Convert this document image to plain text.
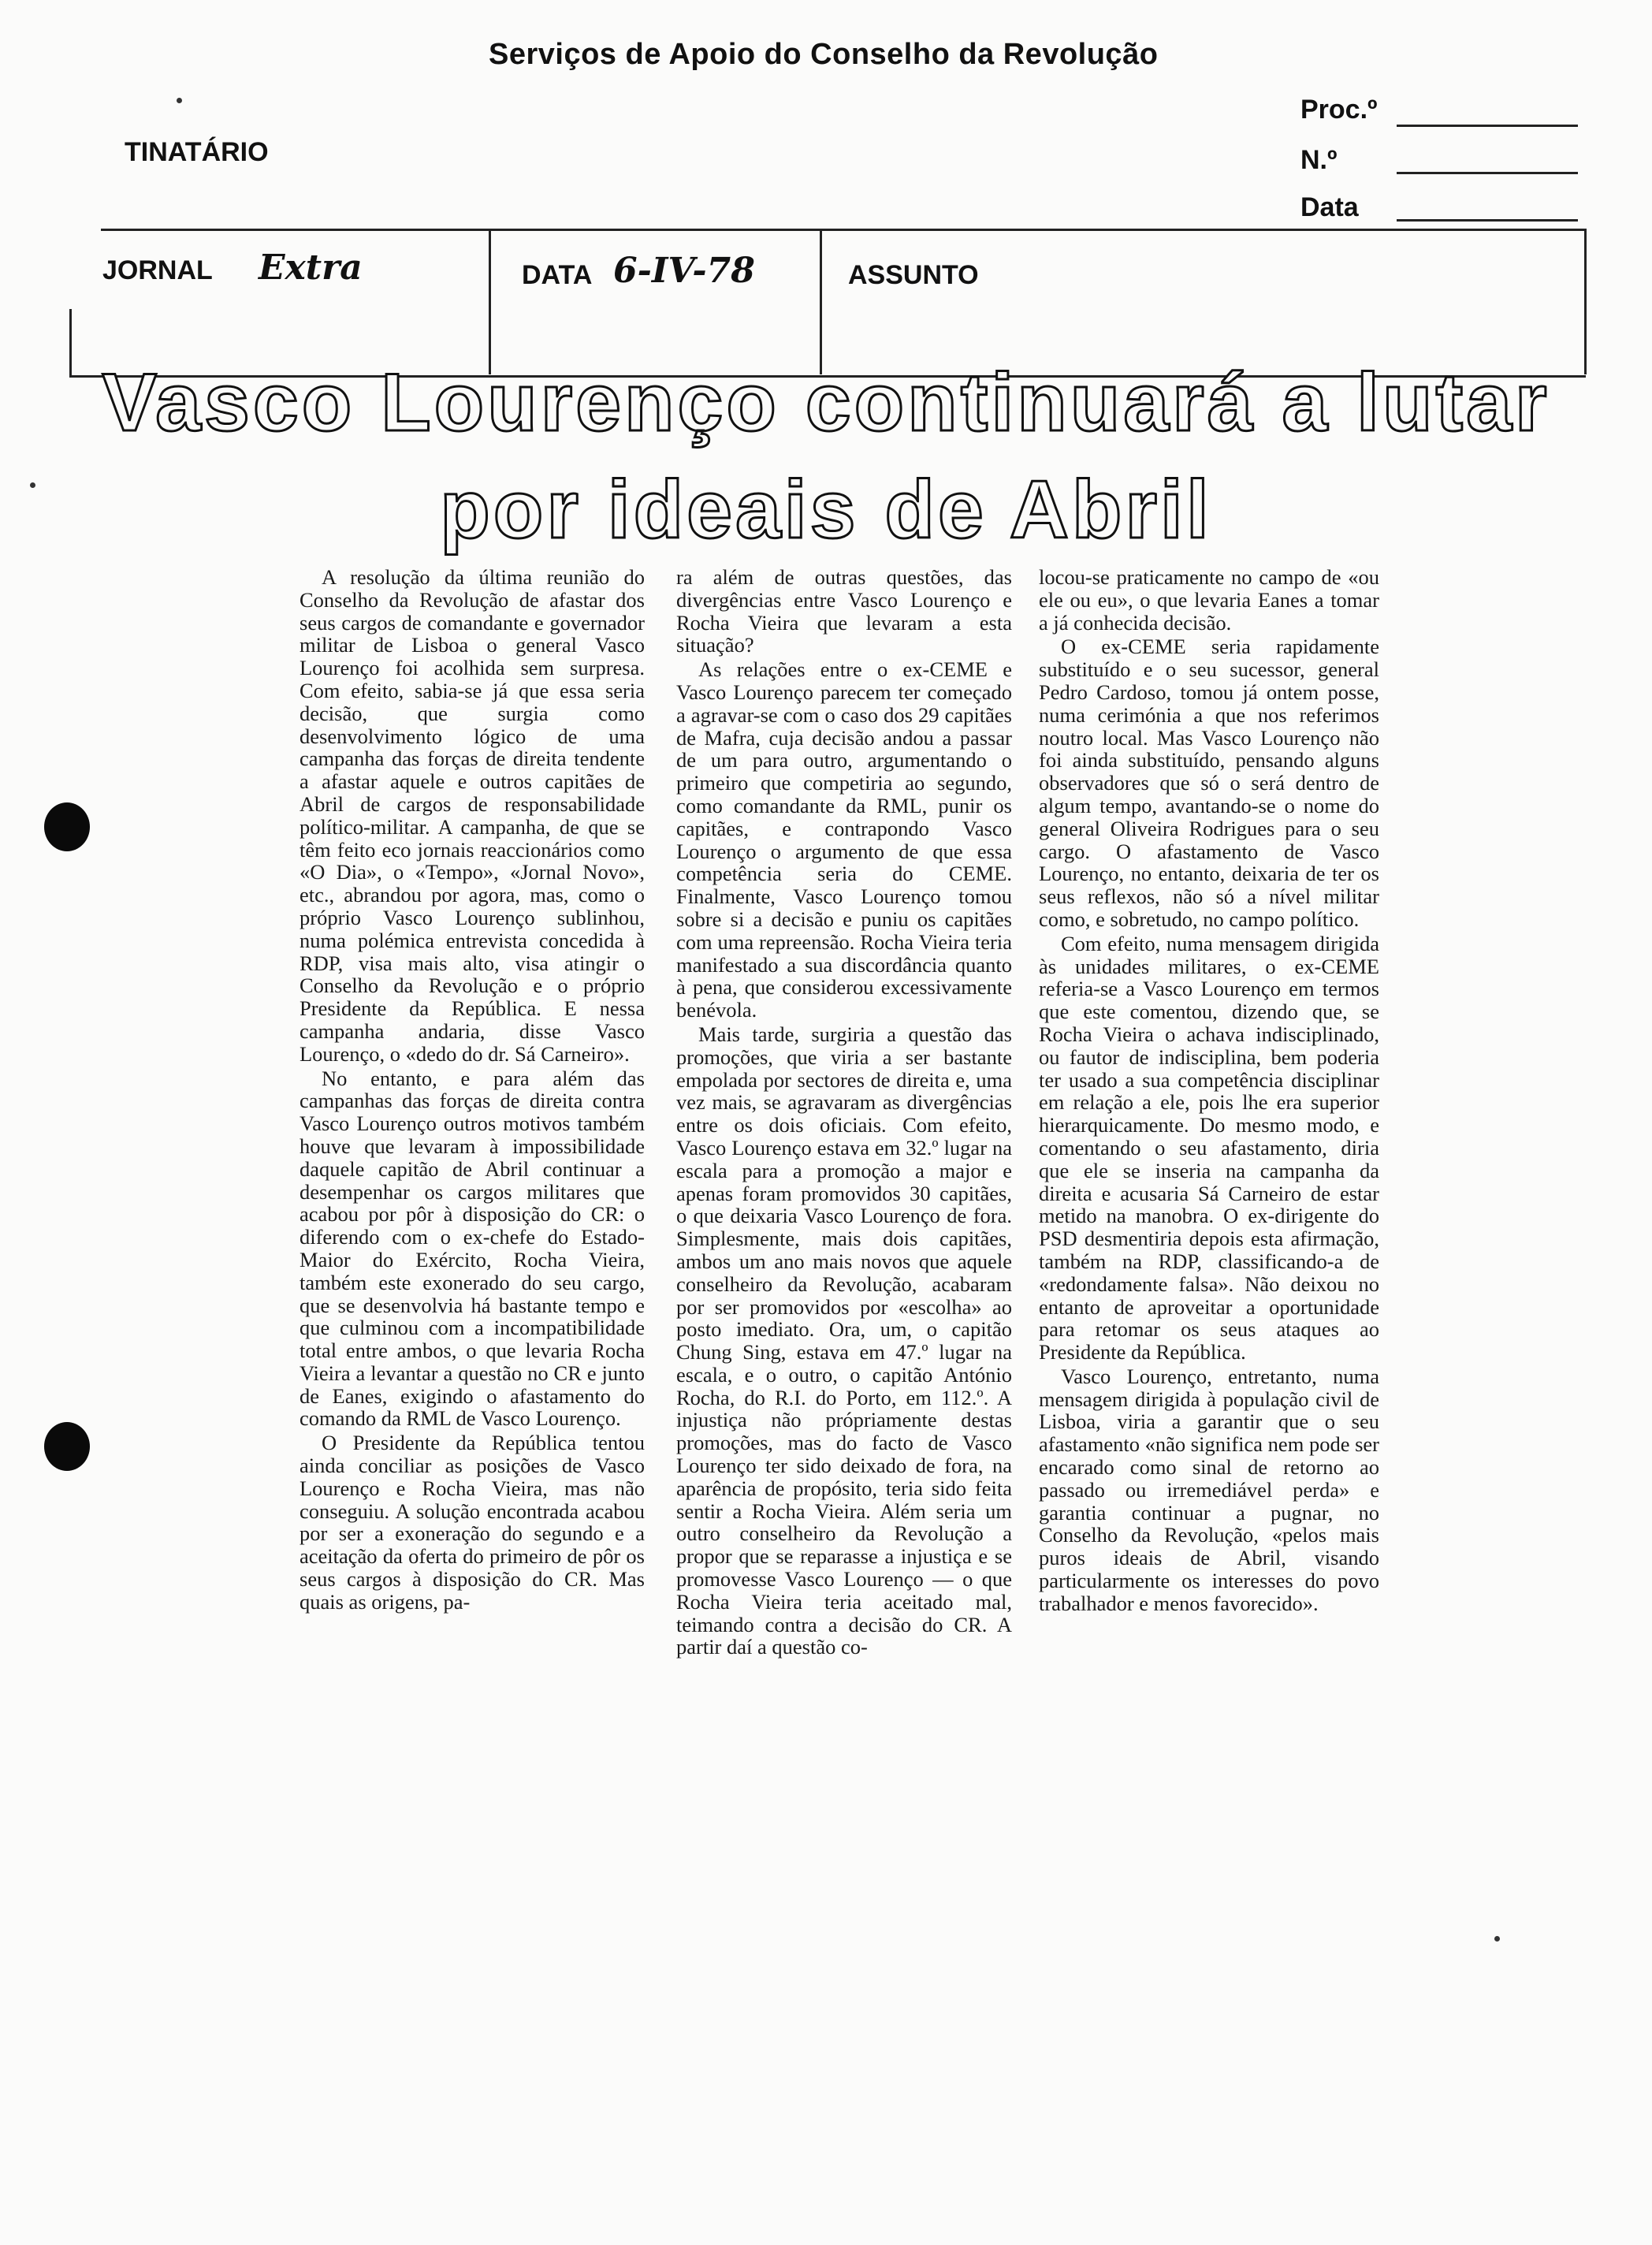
Serviços de Apoio do Conselho da Revolução
TINATÁRIO
Proc.º
N.º
Data
JORNAL Extra	DATA 6-IV-78	ASSUNTO
Vasco Lourenço continuará a lutar
por ideais de Abril

A resolução da última reunião do Conselho da Revolução de afastar dos seus cargos de comandante e governador militar de Lisboa o general Vasco Lourenço foi acolhida sem surpresa. Com efeito, sabia-se já que essa seria decisão, que surgia como desenvolvimento lógico de uma campanha das forças de direita tendente a afastar aquele e outros capitães de Abril de cargos de responsabilidade político-militar. A campanha, de que se têm feito eco jornais reaccionários como «O Dia», o «Tempo», «Jornal Novo», etc., abrandou por agora, mas, como o próprio Vasco Lourenço sublinhou, numa polémica entrevista concedida à RDP, visa mais alto, visa atingir o Conselho da Revolução e o próprio Presidente da República. E nessa campanha andaria, disse Vasco Lourenço, o «dedo do dr. Sá Carneiro».

No entanto, e para além das campanhas das forças de direita contra Vasco Lourenço outros motivos também houve que levaram à impossibilidade daquele capitão de Abril continuar a desempenhar os cargos militares que acabou por pôr à disposição do CR: o diferendo com o ex-chefe do Estado-Maior do Exército, Rocha Vieira, também este exonerado do seu cargo, que se desenvolvia há bastante tempo e que culminou com a incompatibilidade total entre ambos, o que levaria Rocha Vieira a levantar a questão no CR e junto de Eanes, exigindo o afastamento do comando da RML de Vasco Lourenço.

O Presidente da República tentou ainda conciliar as posições de Vasco Lourenço e Rocha Vieira, mas não conseguiu. A solução encontrada acabou por ser a exoneração do segundo e a aceitação da oferta do primeiro de pôr os seus cargos à disposição do CR. Mas quais as origens, pa-

ra além de outras questões, das divergências entre Vasco Lourenço e Rocha Vieira que levaram a esta situação?

As relações entre o ex-CEME e Vasco Lourenço parecem ter começado a agravar-se com o caso dos 29 capitães de Mafra, cuja decisão andou a passar de um para outro, argumentando o primeiro que competiria ao segundo, como comandante da RML, punir os capitães, e contrapondo Vasco Lourenço o argumento de que essa competência seria do CEME. Finalmente, Vasco Lourenço tomou sobre si a decisão e puniu os capitães com uma repreensão. Rocha Vieira teria manifestado a sua discordância quanto à pena, que considerou excessivamente benévola.

Mais tarde, surgiria a questão das promoções, que viria a ser bastante empolada por sectores de direita e, uma vez mais, se agravaram as divergências entre os dois oficiais. Com efeito, Vasco Lourenço estava em 32.º lugar na escala para a promoção a major e apenas foram promovidos 30 capitães, o que deixaria Vasco Lourenço de fora. Simplesmente, mais dois capitães, ambos um ano mais novos que aquele conselheiro da Revolução, acabaram por ser promovidos por «escolha» ao posto imediato. Ora, um, o capitão Chung Sing, estava em 47.º lugar na escala, e o outro, o capitão António Rocha, do R.I. do Porto, em 112.º. A injustiça não própriamente destas promoções, mas do facto de Vasco Lourenço ter sido deixado de fora, na aparência de propósito, teria sido feita sentir a Rocha Vieira. Além seria um outro conselheiro da Revolução a propor que se reparasse a injustiça e se promovesse Vasco Lourenço — o que Rocha Vieira teria aceitado mal, teimando contra a decisão do CR. A partir daí a questão co-

locou-se praticamente no campo de «ou ele ou eu», o que levaria Eanes a tomar a já conhecida decisão.

O ex-CEME seria rapidamente substituído e o seu sucessor, general Pedro Cardoso, tomou já ontem posse, numa cerimónia a que nos referimos noutro local. Mas Vasco Lourenço não foi ainda substituído, pensando alguns observadores que só o será dentro de algum tempo, avantando-se o nome do general Oliveira Rodrigues para o seu cargo. O afastamento de Vasco Lourenço, no entanto, deixaria de ter os seus reflexos, não só a nível militar como, e sobretudo, no campo político.

Com efeito, numa mensagem dirigida às unidades militares, o ex-CEME referia-se a Vasco Lourenço em termos que este comentou, dizendo que, se Rocha Vieira o achava indisciplinado, ou fautor de indisciplina, bem poderia ter usado a sua competência disciplinar em relação a ele, pois lhe era superior hierarquicamente. Do mesmo modo, e comentando o seu afastamento, diria que ele se inseria na campanha da direita e acusaria Sá Carneiro de estar metido na manobra. O ex-dirigente do PSD desmentiria depois esta afirmação, também na RDP, classificando-a de «redondamente falsa». Não deixou no entanto de aproveitar a oportunidade para retomar os seus ataques ao Presidente da República.

Vasco Lourenço, entretanto, numa mensagem dirigida à população civil de Lisboa, viria a garantir que o seu afastamento «não significa nem pode ser encarado como sinal de retorno ao passado ou irremediável perda» e garantia continuar a pugnar, no Conselho da Revolução, «pelos mais puros ideais de Abril, visando particularmente os interesses do povo trabalhador e menos favorecido».
